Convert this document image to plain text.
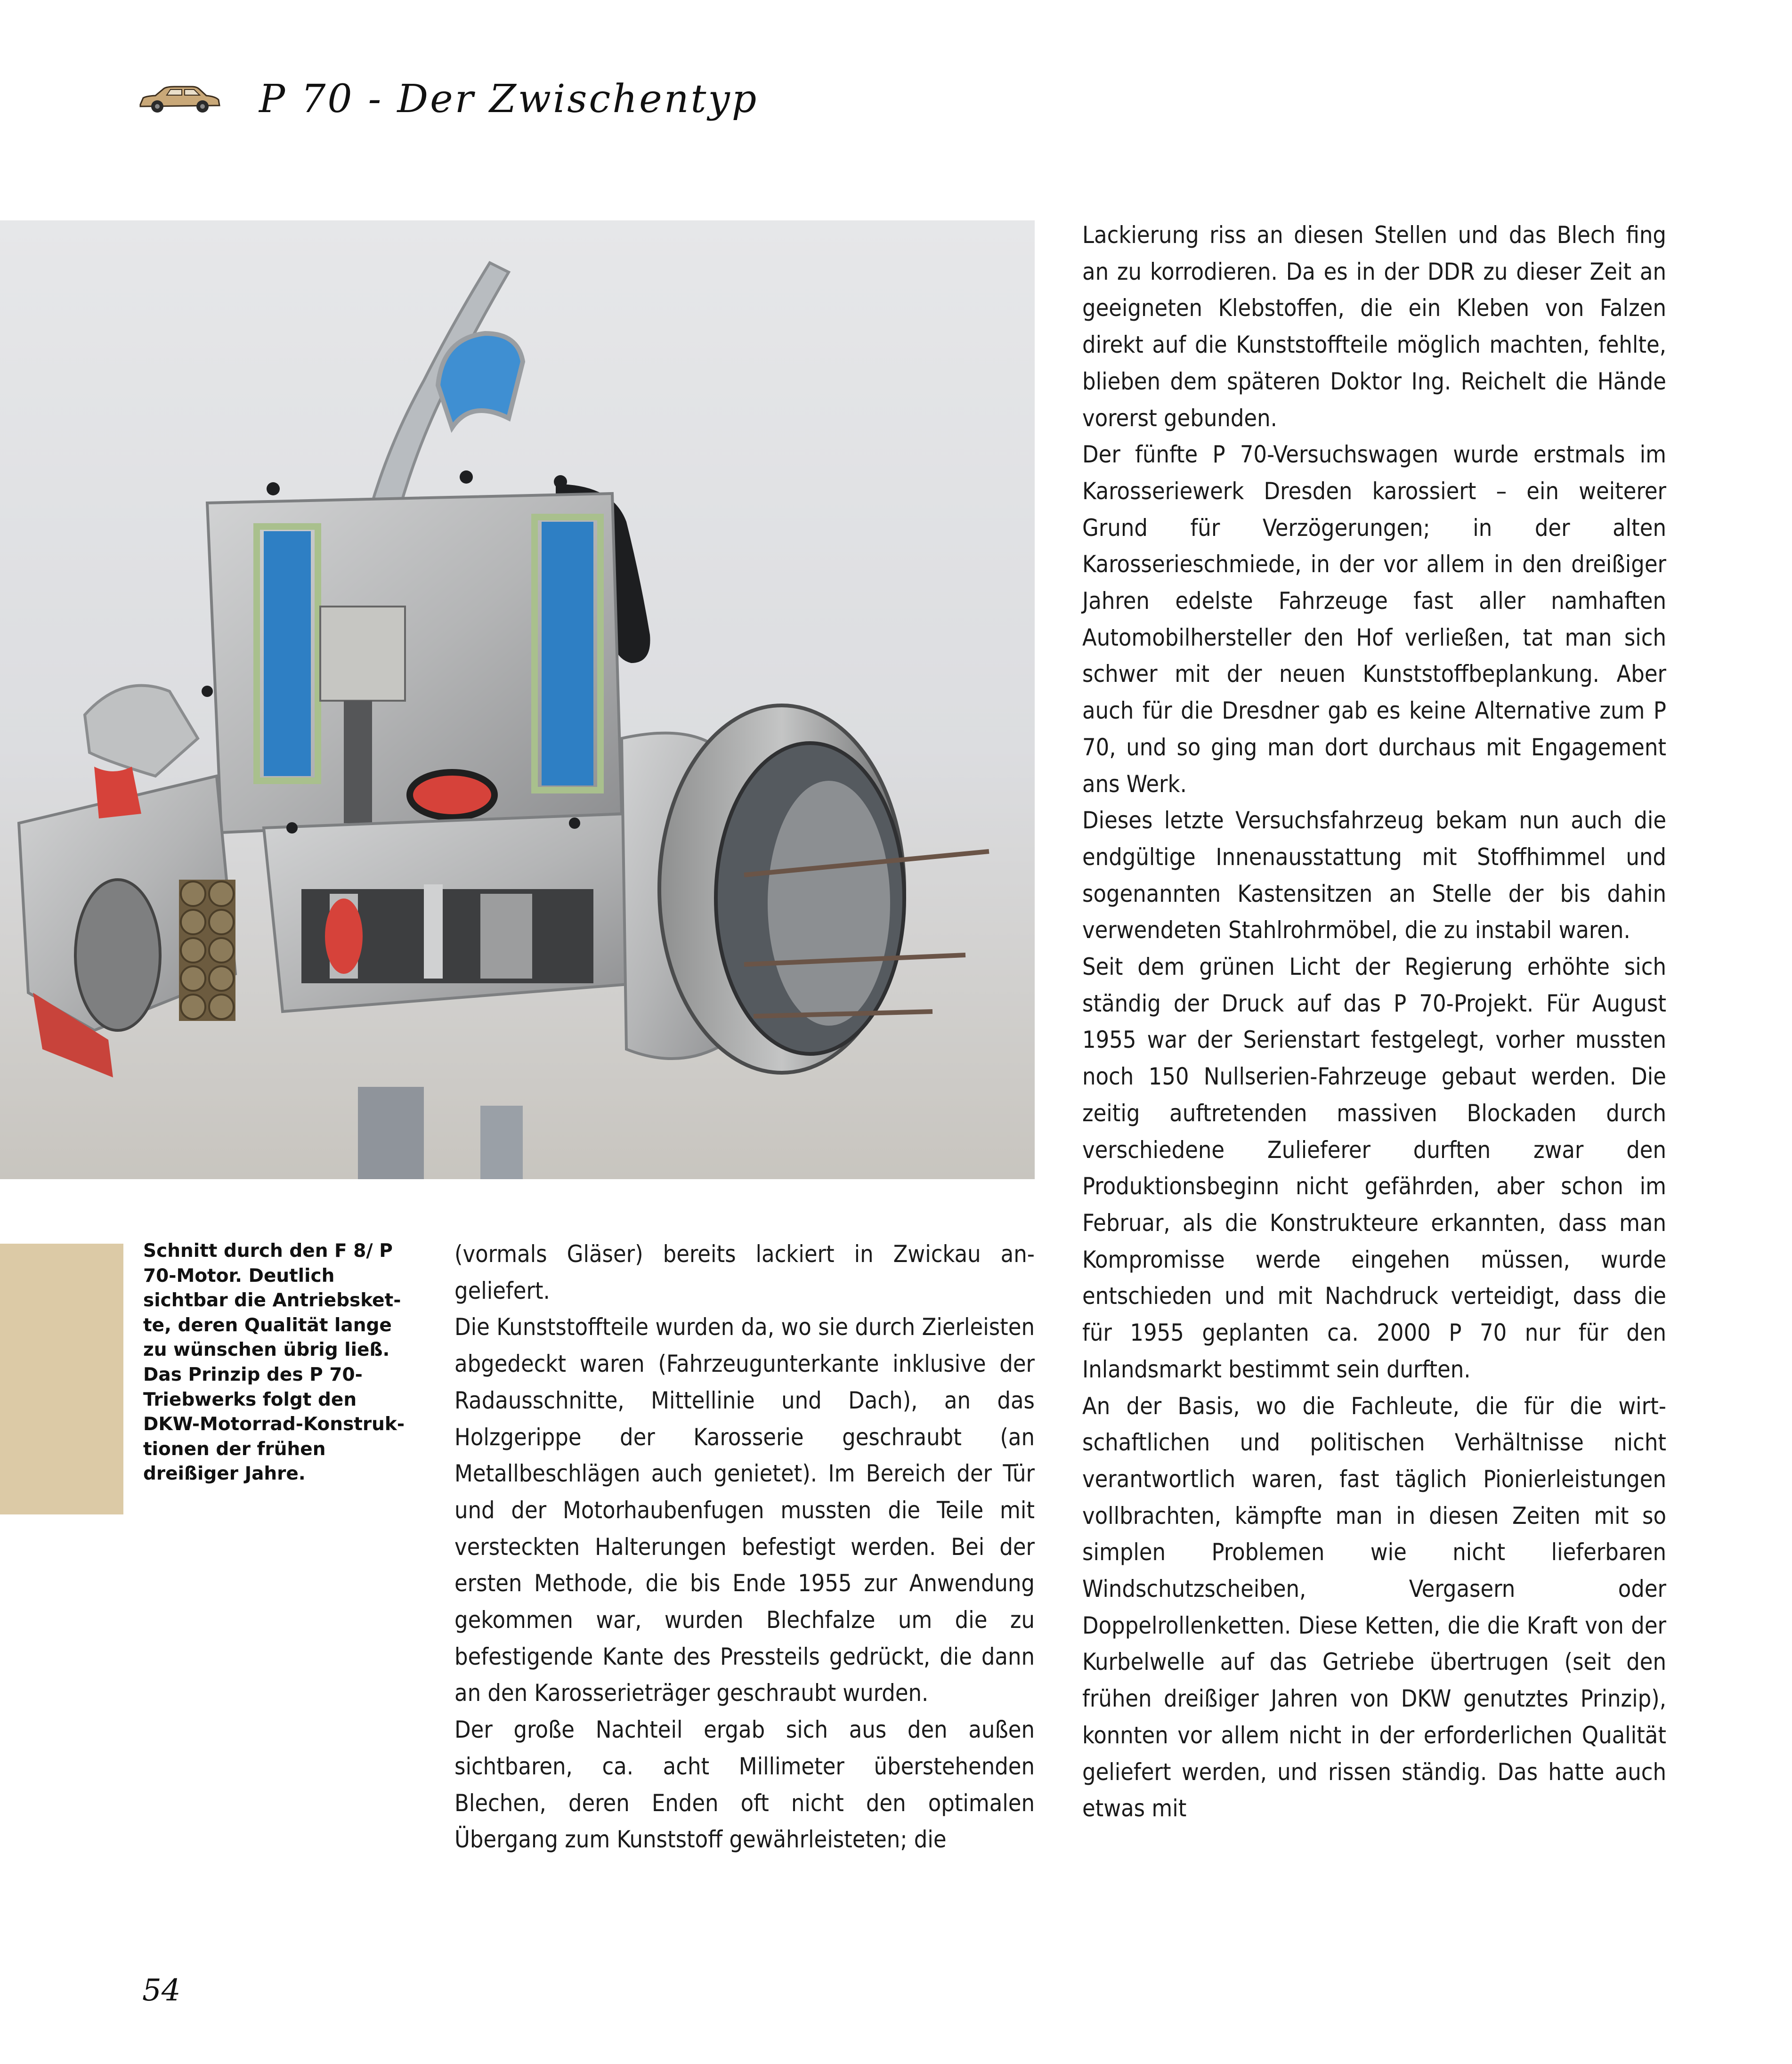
P 70 - Der Zwischentyp

Schnitt durch den F 8/ P 70-Motor. Deutlich sichtbar die Antriebskette, deren Qualität lange zu wünschen übrig ließ. Das Prinzip des P 70-Triebwerks folgt den DKW-Motorrad-Konstruktionen der frühen dreißiger Jahre.

(vormals Gläser) bereits lackiert in Zwickau angeliefert.

Die Kunststoffteile wurden da, wo sie durch Zierleisten abgedeckt waren (Fahrzeugunterkante inklusive der Radausschnitte, Mittellinie und Dach), an das Holzgerippe der Karosserie geschraubt (an Metallbeschlägen auch genietet). Im Bereich der Tür und der Motorhaubenfugen mussten die Teile mit versteckten Halterungen befestigt werden. Bei der ersten Methode, die bis Ende 1955 zur Anwendung gekommen war, wurden Blechfalze um die zu befestigende Kante des Pressteils gedrückt, die dann an den Karosserieträger geschraubt wurden.

Der große Nachteil ergab sich aus den außen sichtbaren, ca. acht Millimeter überstehenden Blechen, deren Enden oft nicht den optimalen Übergang zum Kunststoff gewährleisteten; die

Lackierung riss an diesen Stellen und das Blech fing an zu korrodieren. Da es in der DDR zu dieser Zeit an geeigneten Klebstoffen, die ein Kleben von Falzen direkt auf die Kunststoffteile möglich machten, fehlte, blieben dem späteren Doktor Ing. Reichelt die Hände vorerst gebunden.

Der fünfte P 70-Versuchswagen wurde erstmals im Karosseriewerk Dresden karossiert – ein weiterer Grund für Verzögerungen; in der alten Karosserieschmiede, in der vor allem in den dreißiger Jahren edelste Fahrzeuge fast aller namhaften Automobilhersteller den Hof verließen, tat man sich schwer mit der neuen Kunststoffbeplankung. Aber auch für die Dresdner gab es keine Alternative zum P 70, und so ging man dort durchaus mit Engagement ans Werk.

Dieses letzte Versuchsfahrzeug bekam nun auch die endgültige Innenausstattung mit Stoffhimmel und sogenannten Kastensitzen an Stelle der bis dahin verwendeten Stahlrohrmöbel, die zu instabil waren.

Seit dem grünen Licht der Regierung erhöhte sich ständig der Druck auf das P 70-Projekt. Für August 1955 war der Serienstart festgelegt, vorher mussten noch 150 Nullserien-Fahrzeuge gebaut werden. Die zeitig auftretenden massiven Blockaden durch verschiedene Zulieferer durften zwar den Produktionsbeginn nicht gefährden, aber schon im Februar, als die Konstrukteure erkannten, dass man Kompromisse werde eingehen müssen, wurde entschieden und mit Nachdruck verteidigt, dass die für 1955 geplanten ca. 2000 P 70 nur für den Inlandsmarkt bestimmt sein durften.

An der Basis, wo die Fachleute, die für die wirtschaftlichen und politischen Verhältnisse nicht verantwortlich waren, fast täglich Pionierleistungen vollbrachten, kämpfte man in diesen Zeiten mit so simplen Problemen wie nicht lieferbaren Windschutzscheiben, Vergasern oder Doppelrollenketten. Diese Ketten, die die Kraft von der Kurbelwelle auf das Getriebe übertrugen (seit den frühen dreißiger Jahren von DKW genutztes Prinzip), konnten vor allem nicht in der erforderlichen Qualität geliefert werden, und rissen ständig. Das hatte auch etwas mit

54
